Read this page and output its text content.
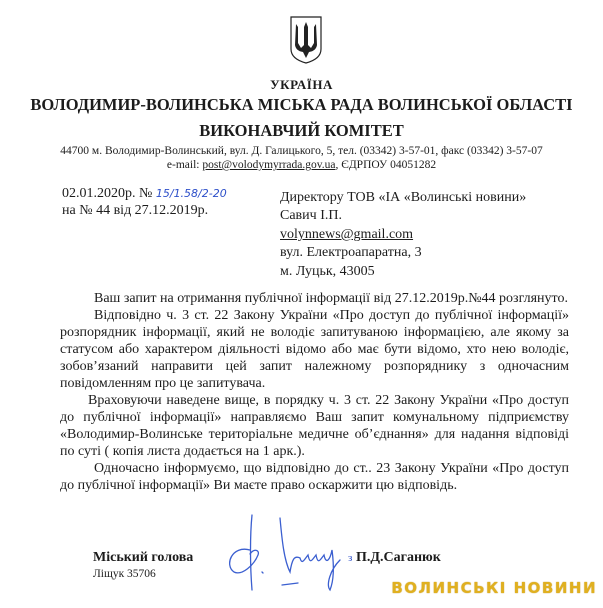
УКРАЇНА
ВОЛОДИМИР-ВОЛИНСЬКА МІСЬКА РАДА ВОЛИНСЬКОЇ ОБЛАСТІ
ВИКОНАВЧИЙ КОМІТЕТ
44700 м. Володимир-Волинський, вул. Д. Галицького, 5, тел. (03342) 3-57-01, факс (03342) 3-57-07
e-mail: post@volodymyrrada.gov.ua, ЄДРПОУ 04051282
02.01.2020р. № 15/1.58/2-20
на № 44 від 27.12.2019р.
Директору ТОВ «ІА «Волинські новини»
Савич І.П.
volynnews@gmail.com
вул. Електроапаратна, 3
м. Луцьк, 43005

Ваш запит на отримання публічної інформації від 27.12.2019р.№44 розглянуто.

Відповідно ч. 3 ст. 22 Закону України «Про доступ до публічної інформації» розпорядник інформації, який не володіє запитуваною інформацією, але якому за статусом або характером діяльності відомо або має бути відомо, хто нею володіє, зобов’язаний направити цей запит належному розпоряднику з одночасним повідомленням про це запитувача.

Враховуючи наведене вище, в порядку ч. 3 ст. 22 Закону України «Про доступ до публічної інформації» направляємо Ваш запит комунальному підприємству «Володимир-Волинське територіальне медичне об’єднання» для надання відповіді по суті ( копія листа додається на 1 арк.).

Одночасно інформуємо, що відповідно до ст.. 23 Закону України «Про доступ до публічної інформації» Ви маєте право оскаржити цю відповідь.

Міський голова
Ліщук 35706
з П.Д.Саганюк
ВОЛИНСЬКІ НОВИНИ
